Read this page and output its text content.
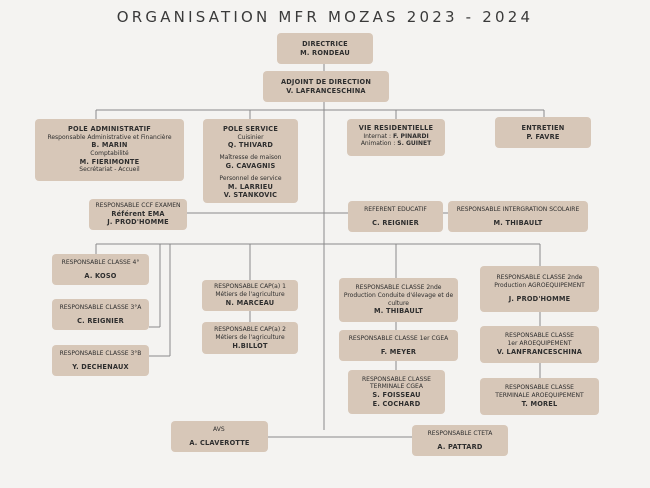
ORGANISATION MFR MOZAS 2023 - 2024
DIRECTRICE
M. RONDEAU
ADJOINT DE DIRECTION
V. LAFRANCESCHINA
POLE ADMINISTRATIF
Responsable Administrative et Financière
B. MARIN
Comptabilité
M. FIERIMONTE
Secrétariat - Accueil
POLE SERVICE
Cuisinier
Q. THIVARD
Maîtresse de maison
G. CAVAGNIS
Personnel de service
M. LARRIEU
V. STANKOVIC
VIE RESIDENTIELLE
Internat : F. PINARDI
Animation : S. GUINET
ENTRETIEN
P. FAVRE
RESPONSABLE CCF EXAMEN
Référent EMA
J. PROD'HOMME
REFERENT EDUCATIF
C. REIGNIER
RESPONSABLE INTERGRATION SCOLAIRE
M. THIBAULT
RESPONSABLE CLASSE 4°
A. KOSO
RESPONSABLE CLASSE 3°A
C. REIGNIER
RESPONSABLE CLASSE 3°B
Y. DECHENAUX
RESPONSABLE CAP(a) 1
Métiers de l'agriculture
N. MARCEAU
RESPONSABLE CAP(a) 2
Métiers de l'agriculture
H.BILLOT
RESPONSABLE CLASSE 2nde
Production Conduite d'élevage et de culture
M. THIBAULT
RESPONSABLE CLASSE 1er CGEA
F. MEYER
RESPONSABLE CLASSE
TERMINALE CGEA
S. FOISSEAU
E. COCHARD
RESPONSABLE CLASSE 2nde
Production AGROEQUIPEMENT
J. PROD'HOMME
RESPONSABLE CLASSE
1er AROEQUIPEMENT
V. LANFRANCESCHINA
RESPONSABLE CLASSE
TERMINALE AROEQUIPEMENT
T. MOREL
AVS
A. CLAVEROTTE
RESPONSABLE CTETA
A. PATTARD
